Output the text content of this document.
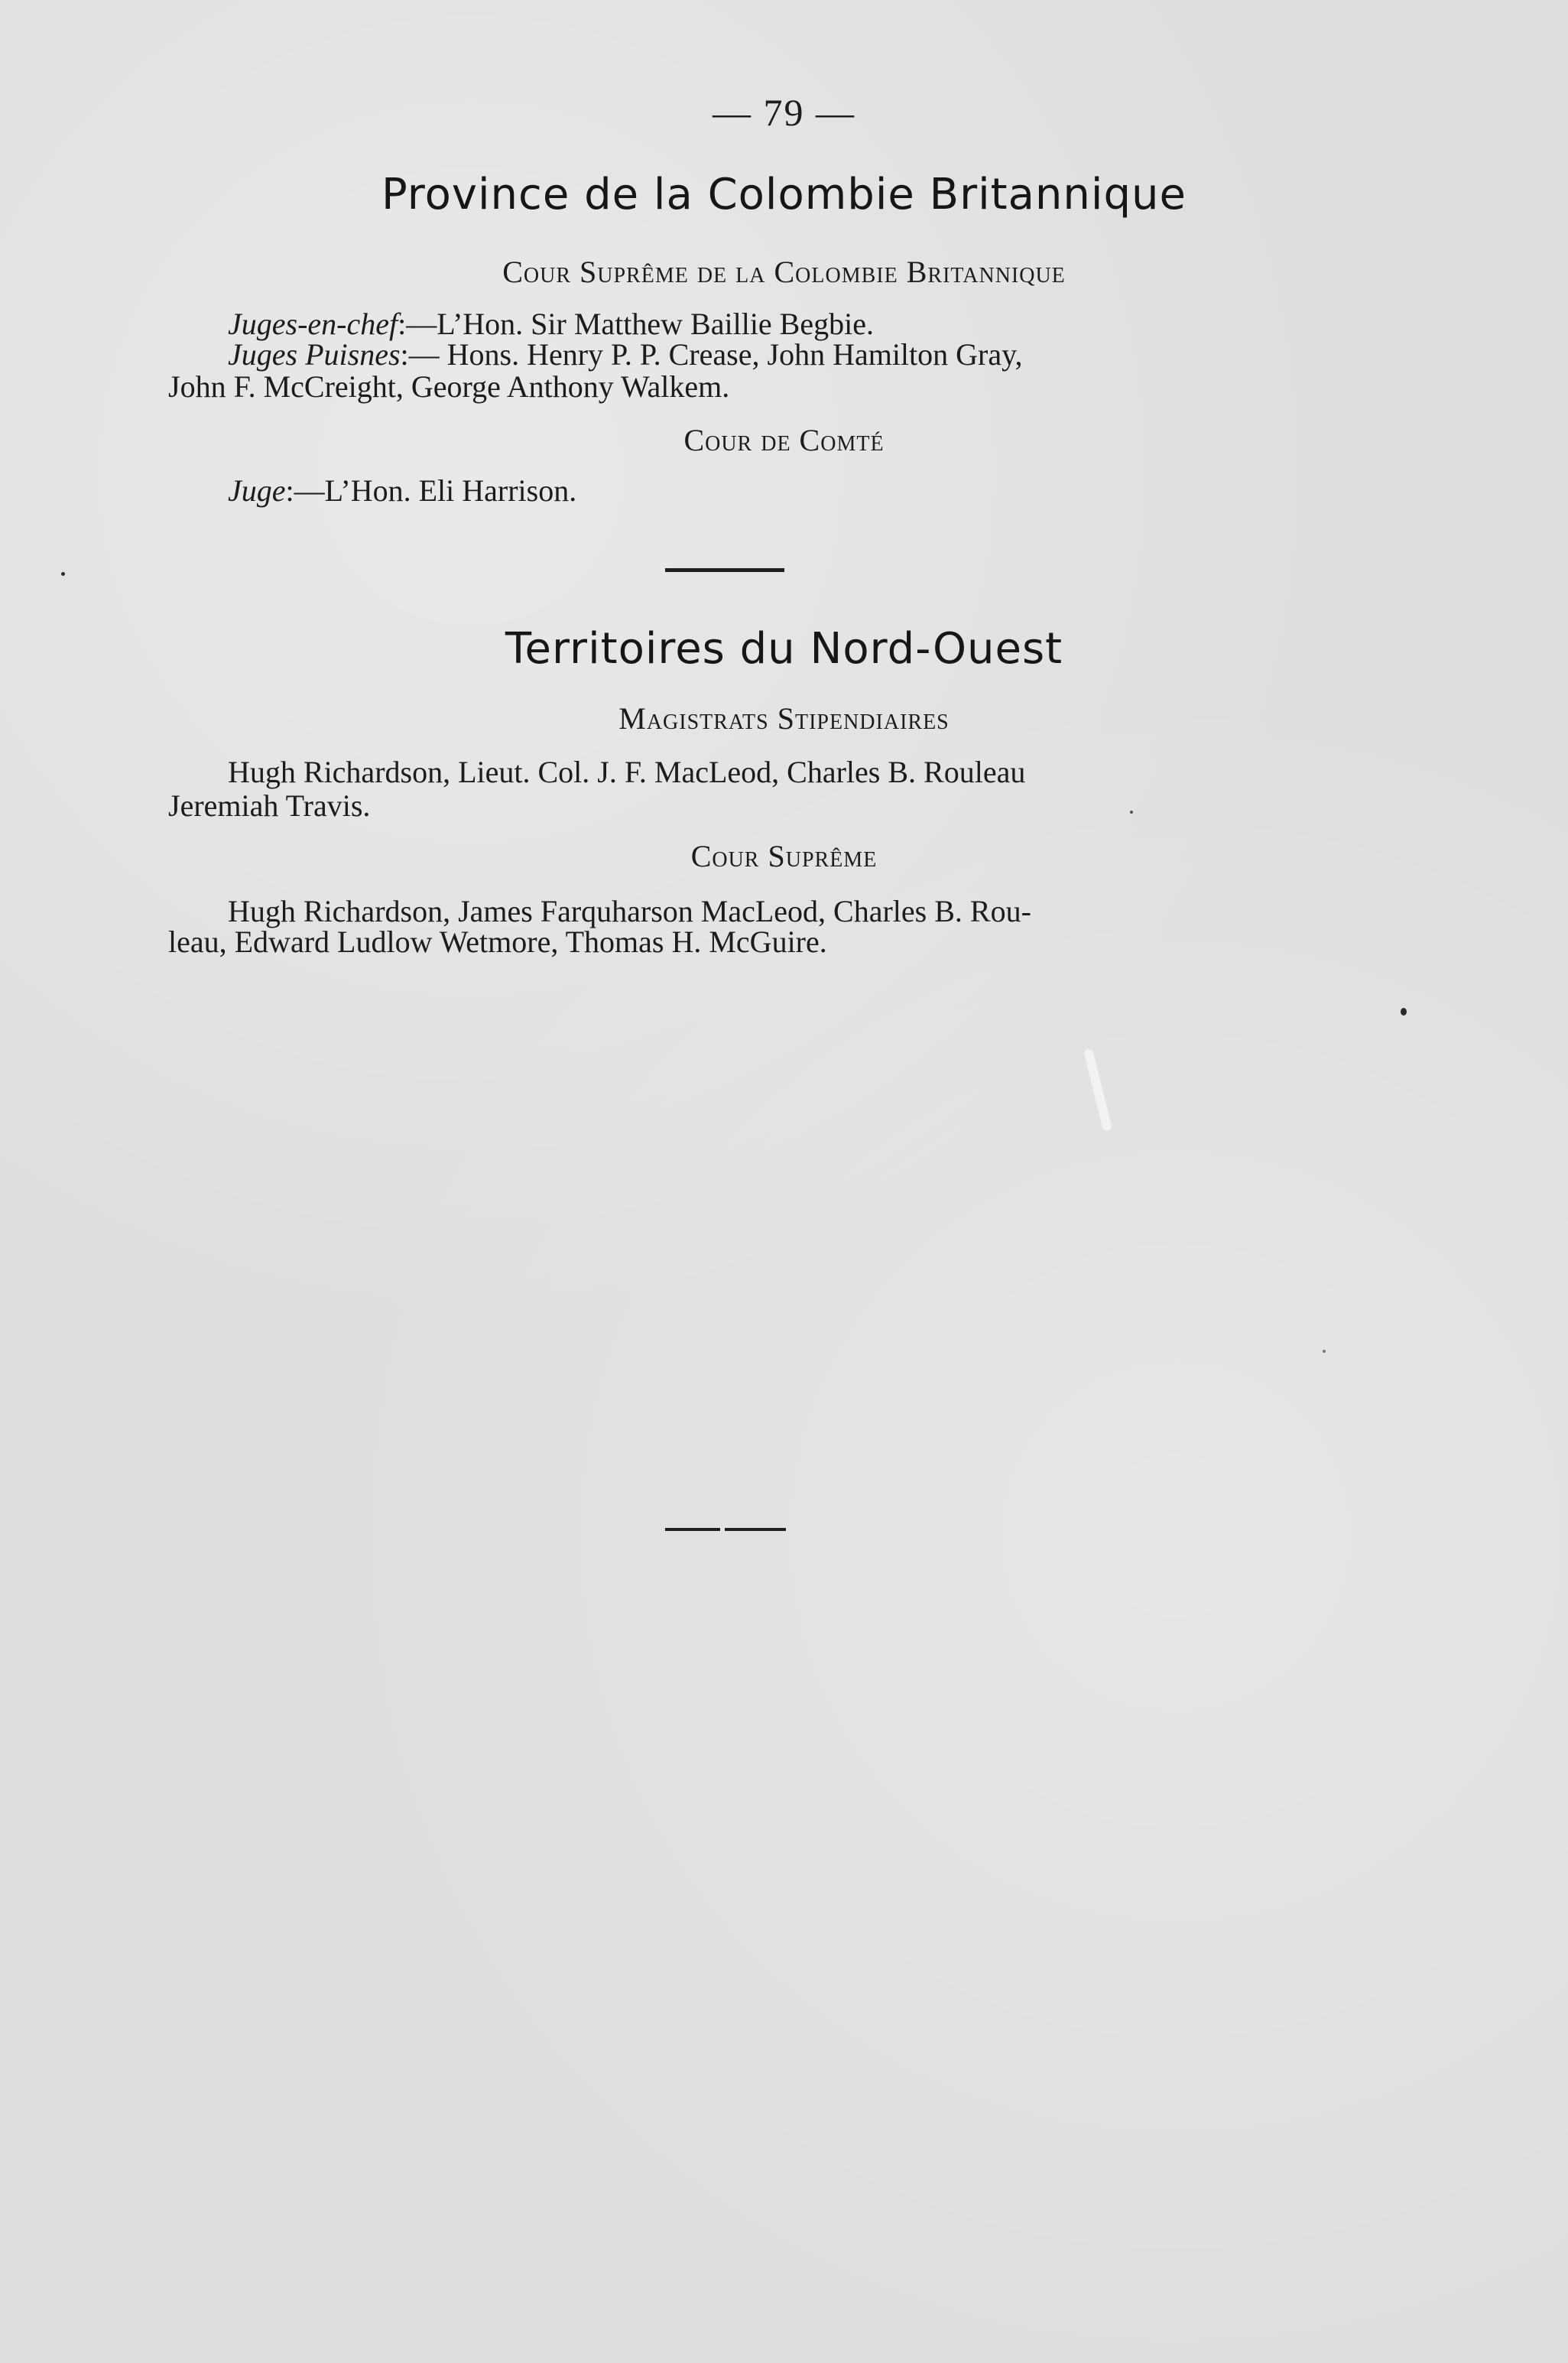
— 79 —

Province de la Colombie Britannique

Cour Suprême de la Colombie Britannique

Juges-en-chef:—L’Hon. Sir Matthew Baillie Begbie.

Juges Puisnes:— Hons. Henry P. P. Crease, John Hamilton Gray,

John F. McCreight, George Anthony Walkem.

Cour de Comté

Juge:—L’Hon. Eli Harrison.

Territoires du Nord-Ouest

Magistrats Stipendiaires

Hugh Richardson, Lieut. Col. J. F. MacLeod, Charles B. Rouleau

Jeremiah Travis.

Cour Suprême

Hugh Richardson, James Farquharson MacLeod, Charles B. Rou-

leau, Edward Ludlow Wetmore, Thomas H. McGuire.
